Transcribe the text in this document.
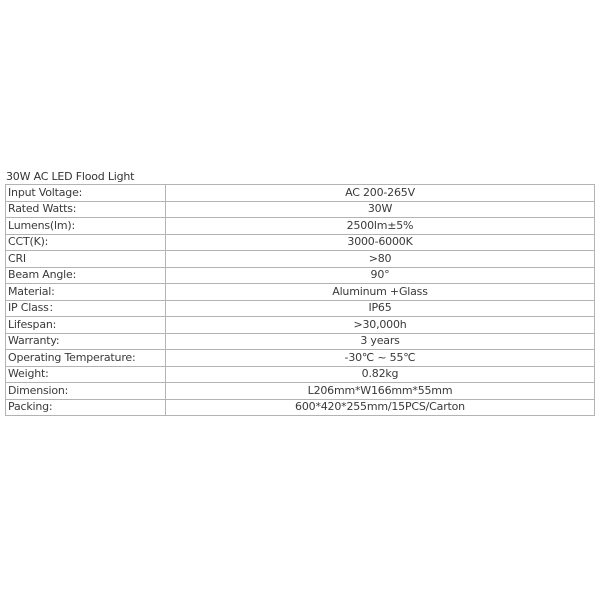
30W AC LED Flood Light
Input Voltage:	AC 200-265V
Rated Watts:	30W
Lumens(lm):	2500lm±5%
CCT(K):	3000-6000K
CRI	>80
Beam Angle:	90°
Material:	Aluminum +Glass
IP Class：	IP65
Lifespan:	>30,000h
Warranty:	3 years
Operating Temperature:	-30℃ ~ 55℃
Weight:	0.82kg
Dimension:	L206mm*W166mm*55mm
Packing:	600*420*255mm/15PCS/Carton
